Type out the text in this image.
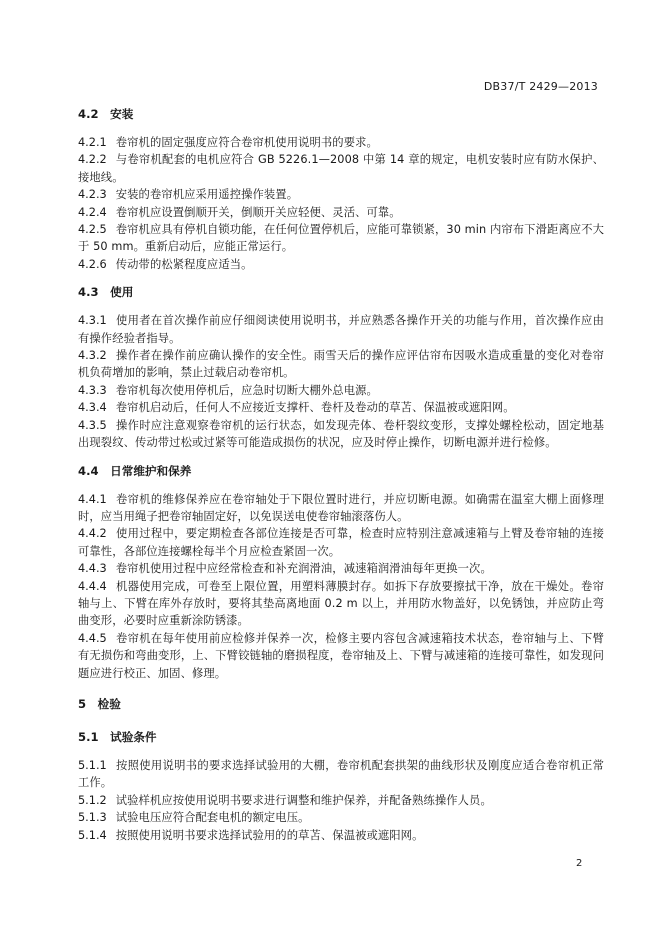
DB37/T 2429—2013
4.2　安装

4.2.1 卷帘机的固定强度应符合卷帘机使用说明书的要求。

4.2.2 与卷帘机配套的电机应符合 GB 5226.1—2008 中第 14 章的规定，电机安装时应有防水保护、接地线。

4.2.3 安装的卷帘机应采用遥控操作装置。

4.2.4 卷帘机应设置倒顺开关，倒顺开关应轻便、灵活、可靠。

4.2.5 卷帘机应具有停机自锁功能，在任何位置停机后，应能可靠锁紧，30 min 内帘布下滑距离应不大于 50 mm。重新启动后，应能正常运行。

4.2.6 传动带的松紧程度应适当。

4.3　使用

4.3.1 使用者在首次操作前应仔细阅读使用说明书，并应熟悉各操作开关的功能与作用，首次操作应由有操作经验者指导。

4.3.2 操作者在操作前应确认操作的安全性。雨雪天后的操作应评估帘布因吸水造成重量的变化对卷帘机负荷增加的影响，禁止过载启动卷帘机。

4.3.3 卷帘机每次使用停机后，应急时切断大棚外总电源。

4.3.4 卷帘机启动后，任何人不应接近支撑杆、卷杆及卷动的草苫、保温被或遮阳网。

4.3.5 操作时应注意观察卷帘机的运行状态，如发现壳体、卷杆裂纹变形，支撑处螺栓松动，固定地基出现裂纹、传动带过松或过紧等可能造成损伤的状况，应及时停止操作，切断电源并进行检修。

4.4　日常维护和保养

4.4.1 卷帘机的维修保养应在卷帘轴处于下限位置时进行，并应切断电源。如确需在温室大棚上面修理时，应当用绳子把卷帘轴固定好，以免误送电使卷帘轴滚落伤人。

4.4.2 使用过程中，要定期检查各部位连接是否可靠，检查时应特别注意减速箱与上臂及卷帘轴的连接可靠性，各部位连接螺栓每半个月应检查紧固一次。

4.4.3 卷帘机使用过程中应经常检查和补充润滑油，减速箱润滑油每年更换一次。

4.4.4 机器使用完成，可卷至上限位置，用塑料薄膜封存。如拆下存放要擦拭干净，放在干燥处。卷帘轴与上、下臂在库外存放时，要将其垫高离地面 0.2 m 以上，并用防水物盖好，以免锈蚀，并应防止弯曲变形，必要时应重新涂防锈漆。

4.4.5 卷帘机在每年使用前应检修并保养一次，检修主要内容包含减速箱技术状态，卷帘轴与上、下臂有无损伤和弯曲变形，上、下臂铰链轴的磨损程度，卷帘轴及上、下臂与减速箱的连接可靠性，如发现问题应进行校正、加固、修理。

5　检验
5.1　试验条件

5.1.1 按照使用说明书的要求选择试验用的大棚，卷帘机配套拱架的曲线形状及刚度应适合卷帘机正常工作。

5.1.2 试验样机应按使用说明书要求进行调整和维护保养，并配备熟练操作人员。

5.1.3 试验电压应符合配套电机的额定电压。

5.1.4 按照使用说明书要求选择试验用的的草苫、保温被或遮阳网。

2
